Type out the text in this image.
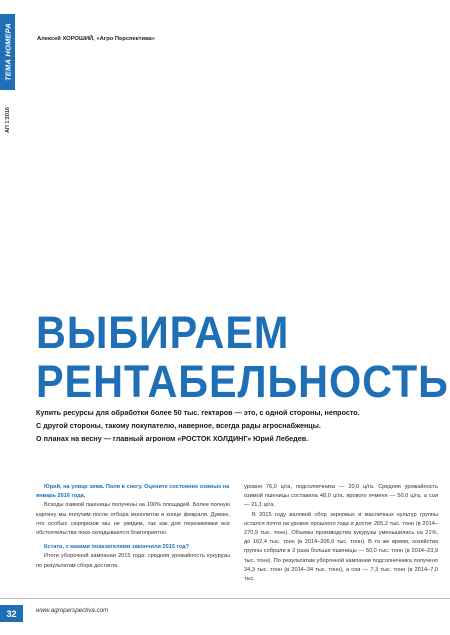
ТЕМА НОМЕРА
АП 1'2016
Алексей ХОРОШИЙ, «Агро Перспектива»
ВЫБИРАЕМ
РЕНТАБЕЛЬНОСТЬ
Купить ресурсы для обработки более 50 тыс. гектаров — это, с одной стороны, непросто.
С другой стороны, такому покупателю, наверное, всегда рады агроснабженцы.
О планах на весну — главный агроном «РОСТОК ХОЛДИНГ» Юрий Лебедев.

Юрий, на улице зима. Поля в снегу. Оцените состояние озимых на январь 2016 года.

Всходы озимой пшеницы получены на 100% площадей. Более полную картину мы получим после отбора монолитов в конце февраля. Думаю, что особых сюрпризов мы не увидим, так как для перезимовки все обстоятельства пока складываются благоприятно.

Кстати, с какими показателями закончили 2015 год?

Итоги уборочной кампании 2015 года: средняя урожайность кукурузы по результатам сбора достигла

уровня 76,0 ц/га, подсолнечника — 20,0 ц/га. Средняя урожайность озимой пшеницы составила 48,0 ц/га, ярового ячменя — 50,0 ц/га, а сои — 21,1 ц/га.

В 2015 году валовой сбор зерновых и масличных культур группы остался почти на уровне прошлого года и достиг 265,2 тыс. тонн (в 2014–270,9 тыс. тонн). Объемы производства кукурузы уменьшились на 21%, до 162,4 тыс. тонн (в 2014–206,0 тыс. тонн). В то же время, хозяйства группы собрали в 2 раза больше пшеницы — 50,0 тыс. тонн (в 2014–23,9 тыс. тонн). По результатам уборочной кампании подсолнечника получено 34,3 тыс. тонн (в 2014–34 тыс. тонн), а сои — 7,3 тыс. тонн (в 2014–7,0 тыс.

32	www.agroperspectiva.com
